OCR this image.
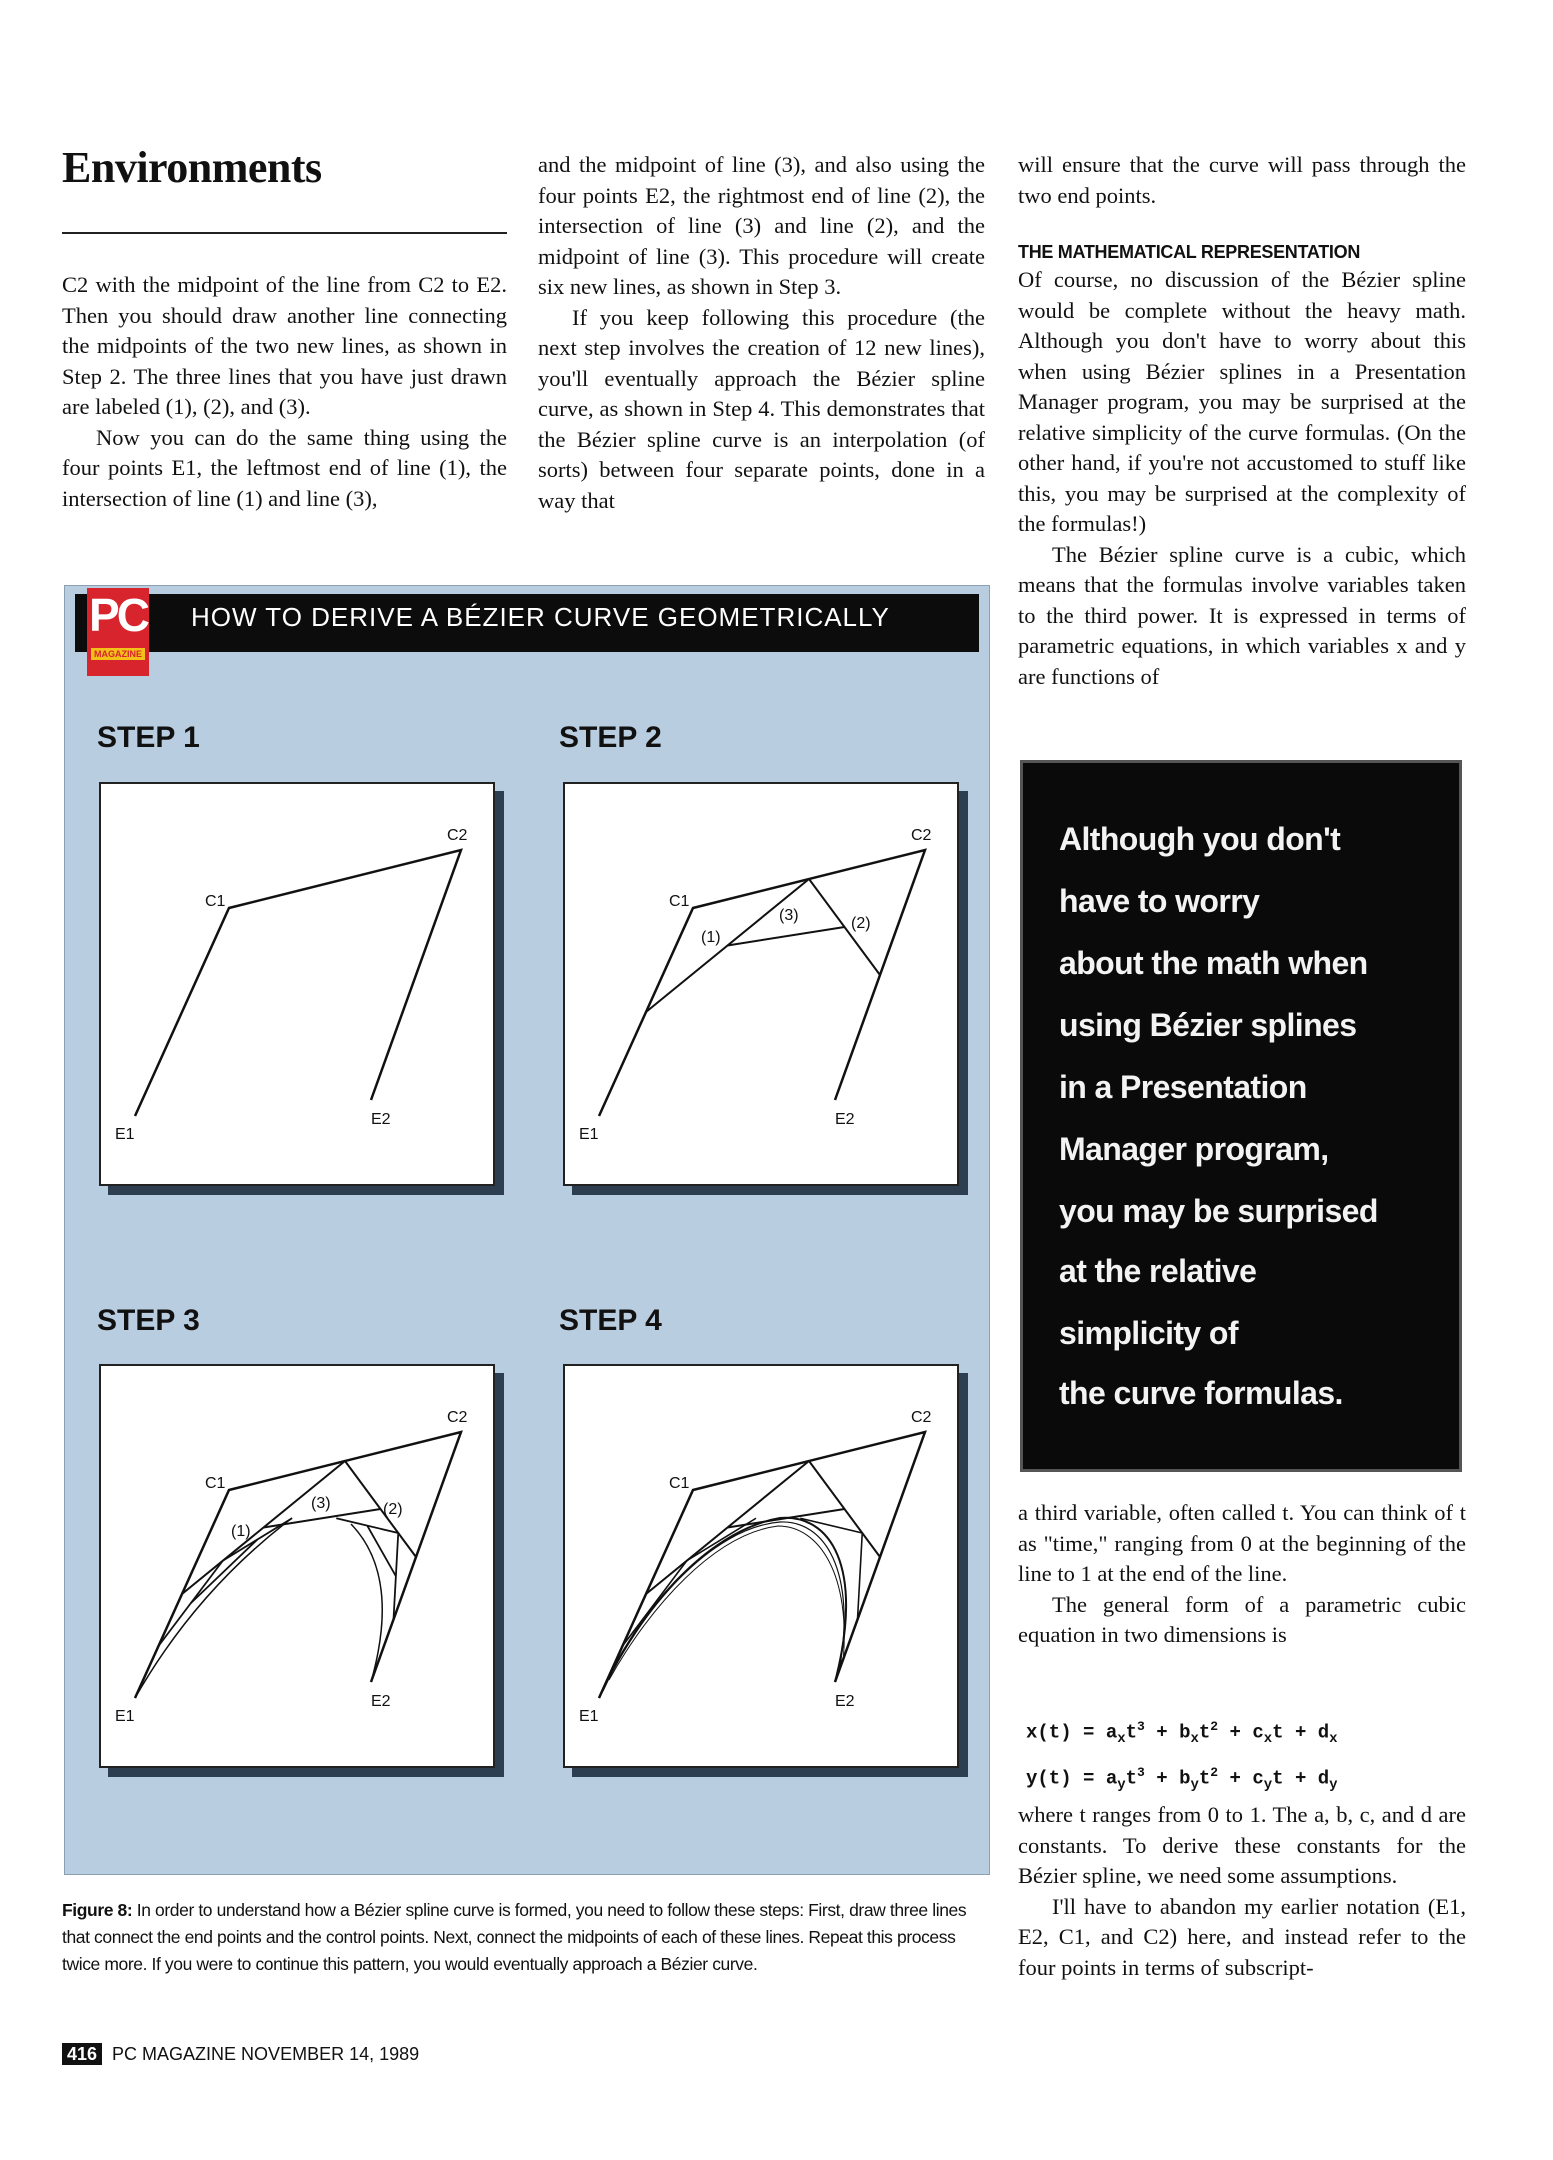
Environments

C2 with the midpoint of the line from C2 to E2. Then you should draw another line connecting the midpoints of the two new lines, as shown in Step 2. The three lines that you have just drawn are labeled (1), (2), and (3).

Now you can do the same thing using the four points E1, the leftmost end of line (1), the intersection of line (1) and line (3),

and the midpoint of line (3), and also using the four points E2, the rightmost end of line (2), the intersection of line (3) and line (2), and the midpoint of line (3). This procedure will create six new lines, as shown in Step 3.

If you keep following this procedure (the next step involves the creation of 12 new lines), you'll eventually approach the Bézier spline curve, as shown in Step 4. This demonstrates that the Bézier spline curve is an interpolation (of sorts) between four separate points, done in a way that

will ensure that the curve will pass through the two end points.

THE MATHEMATICAL REPRESENTATION

Of course, no discussion of the Bézier spline would be complete without the heavy math. Although you don't have to worry about this when using Bézier splines in a Presentation Manager program, you may be surprised at the relative simplicity of the curve formulas. (On the other hand, if you're not accustomed to stuff like this, you may be surprised at the complexity of the formulas!)

The Bézier spline curve is a cubic, which means that the formulas involve variables taken to the third power. It is expressed in terms of parametric equations, in which variables x and y are functions of

Although you don't
have to worry
about the math when
using Bézier splines
in a Presentation
Manager program,
you may be surprised
at the relative
simplicity of
the curve formulas.

a third variable, often called t. You can think of t as "time," ranging from 0 at the beginning of the line to 1 at the end of the line.

The general form of a parametric cubic equation in two dimensions is

$x(t) = a_xt^3 + b_xt^2 + c_xt + d_x$
$y(t) = a_yt^3 + b_yt^2 + c_yt + d_y$

where t ranges from 0 to 1. The a, b, c, and d are constants. To derive these constants for the Bézier spline, we need some assumptions.

I'll have to abandon my earlier notation (E1, E2, C1, and C2) here, and instead refer to the four points in terms of subscript-

HOW TO DERIVE A BÉZIER CURVE GEOMETRICALLY
PC
MAGAZINE
STEP 1	STEP 2
STEP 3	STEP 4
E1
E2
C1
C2
E1
E2
C1
C2
(1)
(2)
(3)
E1
E2
C1
C2
(1)
(2)
(3)
E1
E2
C1
C2
Figure 8: In order to understand how a Bézier spline curve is formed, you need to follow these steps: First, draw three lines that connect the end points and the control points. Next, connect the midpoints of each of these lines. Repeat this process twice more. If you were to continue this pattern, you would eventually approach a Bézier curve.
416 PC MAGAZINE NOVEMBER 14, 1989
